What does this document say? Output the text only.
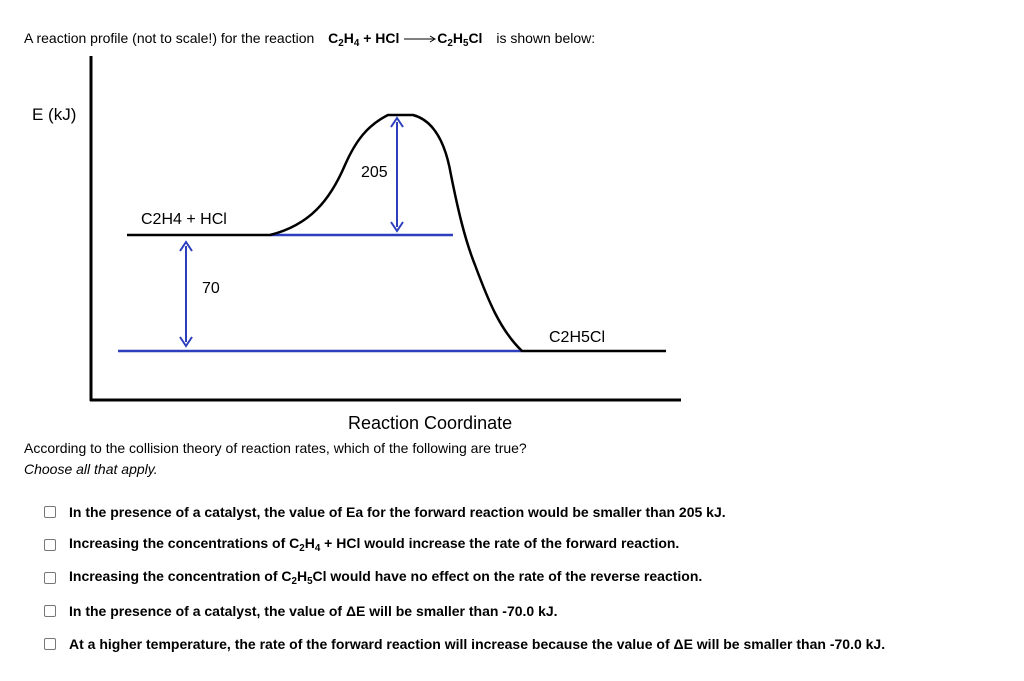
A reaction profile (not to scale!) for the reaction $C_2H_4$ + HCl $\to C_2H_5Cl$ is shown below:
E (kJ)
C2H4 + HCl
C2H5Cl
205
70
Reaction Coordinate
According to the collision theory of reaction rates, which of the following are true?
Choose all that apply.
In the presence of a catalyst, the value of Ea for the forward reaction would be smaller than 205 kJ.
Increasing the concentrations of $C_2H_4$ + HCl would increase the rate of the forward reaction.
Increasing the concentration of $C_2H_5Cl$ would have no effect on the rate of the reverse reaction.
In the presence of a catalyst, the value of ΔE will be smaller than -70.0 kJ.
At a higher temperature, the rate of the forward reaction will increase because the value of ΔE will be smaller than -70.0 kJ.
